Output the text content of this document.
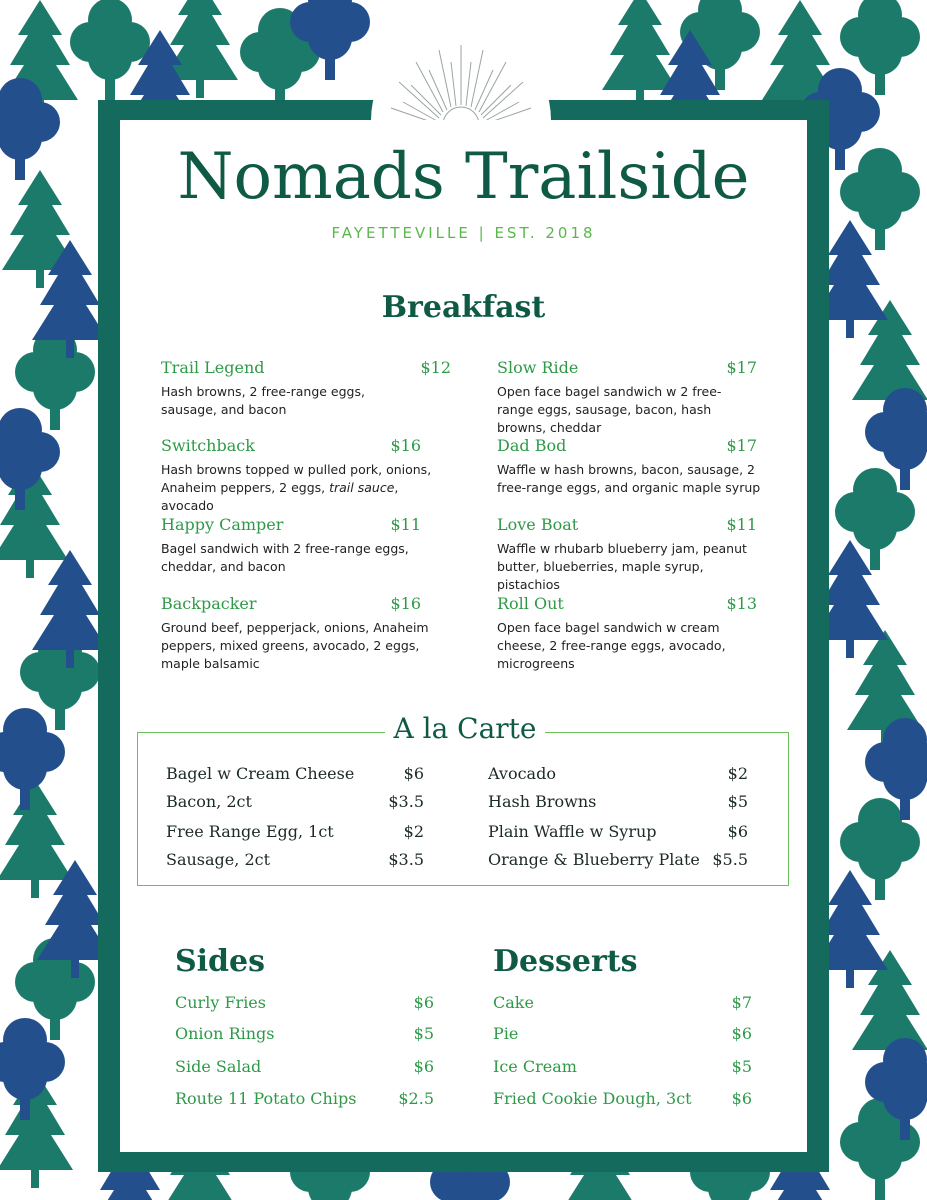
Nomads Trailside

FAYETTEVILLE | EST. 2018

Breakfast
Trail Legend	$12
Hash browns, 2 free-range eggs, sausage, and bacon
Slow Ride	$17
Open face bagel sandwich w 2 free-range eggs, sausage, bacon, hash browns, cheddar
Switchback	$16
Hash browns topped w pulled pork, onions, Anaheim peppers, 2 eggs, trail sauce, avocado
Dad Bod	$17
Waffle w hash browns, bacon, sausage, 2 free-range eggs, and organic maple syrup
Happy Camper	$11
Bagel sandwich with 2 free-range eggs, cheddar, and bacon
Love Boat	$11
Waffle w rhubarb blueberry jam, peanut butter, blueberries, maple syrup, pistachios
Backpacker	$16
Ground beef, pepperjack, onions, Anaheim peppers, mixed greens, avocado, 2 eggs, maple balsamic
Roll Out	$13
Open face bagel sandwich w cream cheese, 2 free-range eggs, avocado, microgreens
A la Carte
Bagel w Cream Cheese	$6	Avocado	$2
Bacon, 2ct	$3.5	Hash Browns	$5
Free Range Egg, 1ct	$2	Plain Waffle w Syrup	$6
Sausage, 2ct	$3.5	Orange & Blueberry Plate $5.5
Sides
Curly Fries	$6
Onion Rings	$5
Side Salad	$6
Route 11 Potato Chips	$2.5
Desserts
Cake	$7
Pie	$6
Ice Cream	$5
Fried Cookie Dough, 3ct	$6
